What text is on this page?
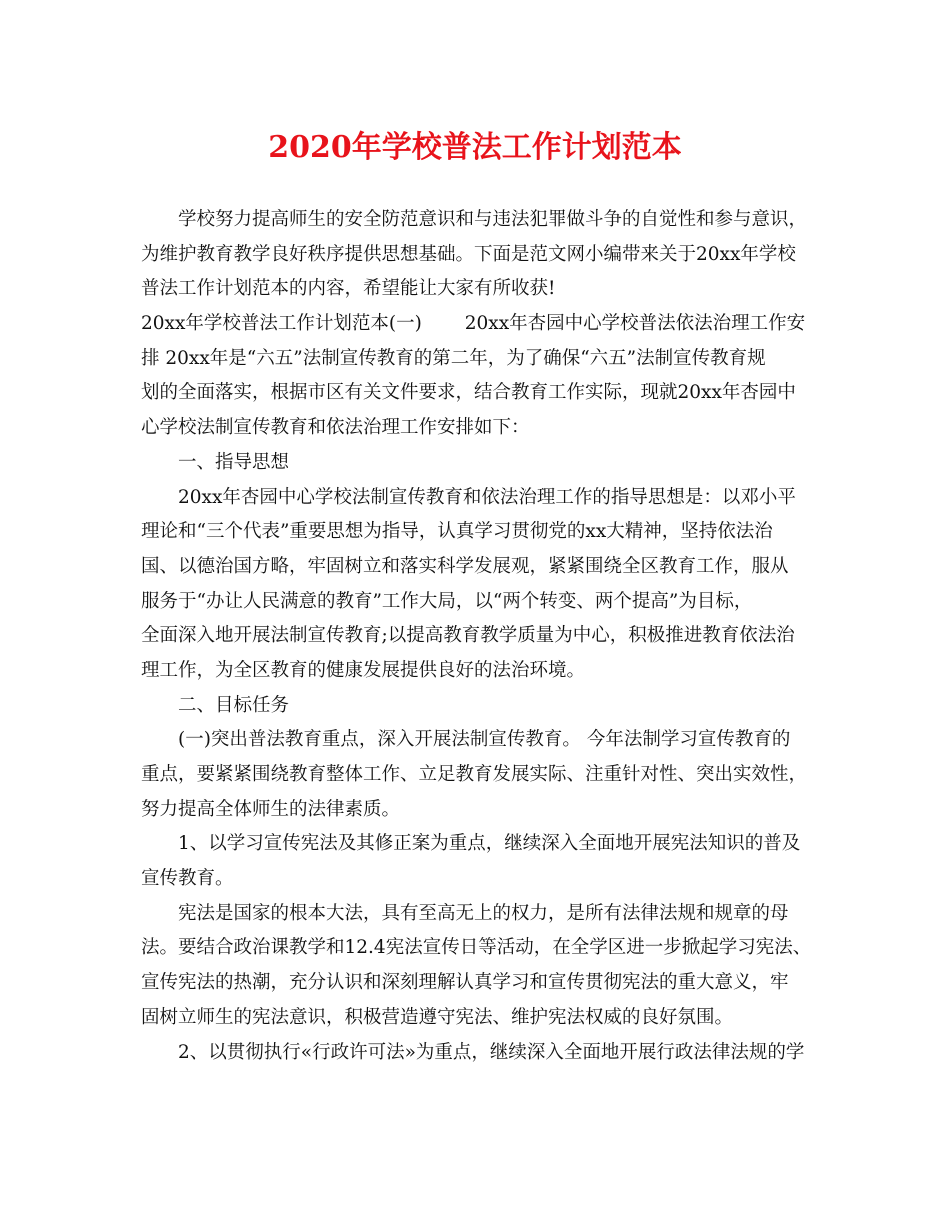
2020年学校普法工作计划范本
学校努力提高师生的安全防范意识和与违法犯罪做斗争的自觉性和参与意识，
为维护教育教学良好秩序提供思想基础。下面是范文网小编带来关于20xx年学校
普法工作计划范本的内容，希望能让大家有所收获!
20xx年学校普法工作计划范本(一)　　 20xx年杏园中心学校普法依法治理工作安
排 20xx年是“六五”法制宣传教育的第二年，为了确保“六五”法制宣传教育规
划的全面落实，根据市区有关文件要求，结合教育工作实际，现就20xx年杏园中
心学校法制宣传教育和依法治理工作安排如下：
一、指导思想
20xx年杏园中心学校法制宣传教育和依法治理工作的指导思想是：以邓小平
理论和“三个代表”重要思想为指导，认真学习贯彻党的xx大精神，坚持依法治
国、以德治国方略，牢固树立和落实科学发展观，紧紧围绕全区教育工作，服从
服务于“办让人民满意的教育”工作大局，以“两个转变、两个提高”为目标，
全面深入地开展法制宣传教育;以提高教育教学质量为中心，积极推进教育依法治
理工作，为全区教育的健康发展提供良好的法治环境。
二、目标任务
(一)突出普法教育重点，深入开展法制宣传教育。 今年法制学习宣传教育的
重点，要紧紧围绕教育整体工作、立足教育发展实际、注重针对性、突出实效性，
努力提高全体师生的法律素质。
1、以学习宣传宪法及其修正案为重点，继续深入全面地开展宪法知识的普及
宣传教育。
宪法是国家的根本大法，具有至高无上的权力，是所有法律法规和规章的母
法。要结合政治课教学和12.4宪法宣传日等活动，在全学区进一步掀起学习宪法、
宣传宪法的热潮，充分认识和深刻理解认真学习和宣传贯彻宪法的重大意义，牢
固树立师生的宪法意识，积极营造遵守宪法、维护宪法权威的良好氛围。
2、以贯彻执行«行政许可法»为重点，继续深入全面地开展行政法律法规的学
